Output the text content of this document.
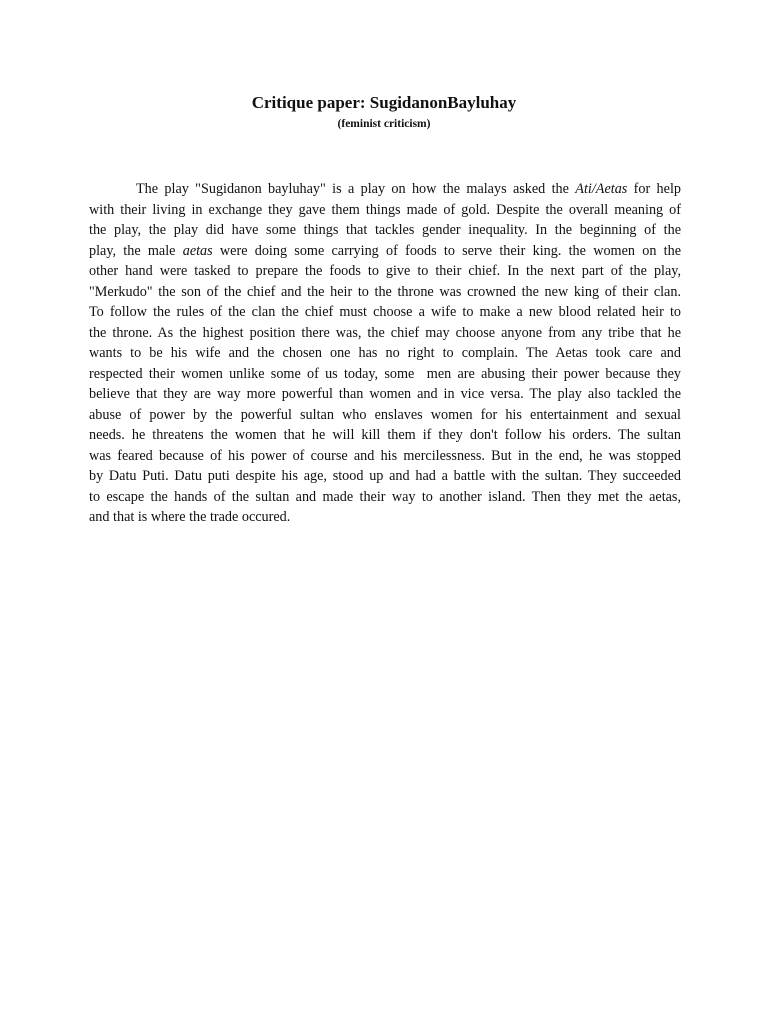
Critique paper: SugidanonBayluhay
(feminist criticism)
The play "Sugidanon bayluhay" is a play on how the malays asked the Ati/Aetas for help
with their living in exchange they gave them things made of gold. Despite the overall meaning of
the play, the play did have some things that tackles gender inequality. In the beginning of the
play, the male aetas were doing some carrying of foods to serve their king. the women on the
other hand were tasked to prepare the foods to give to their chief. In the next part of the play,
"Merkudo" the son of the chief and the heir to the throne was crowned the new king of their clan.
To follow the rules of the clan the chief must choose a wife to make a new blood related heir to
the throne. As the highest position there was, the chief may choose anyone from any tribe that he
wants to be his wife and the chosen one has no right to complain. The Aetas took care and
respected their women unlike some of us today, some  men are abusing their power because they
believe that they are way more powerful than women and in vice versa. The play also tackled the
abuse of power by the powerful sultan who enslaves women for his entertainment and sexual
needs. he threatens the women that he will kill them if they don't follow his orders. The sultan
was feared because of his power of course and his mercilessness. But in the end, he was stopped
by Datu Puti. Datu puti despite his age, stood up and had a battle with the sultan. They succeeded
to escape the hands of the sultan and made their way to another island. Then they met the aetas,
and that is where the trade occured.
